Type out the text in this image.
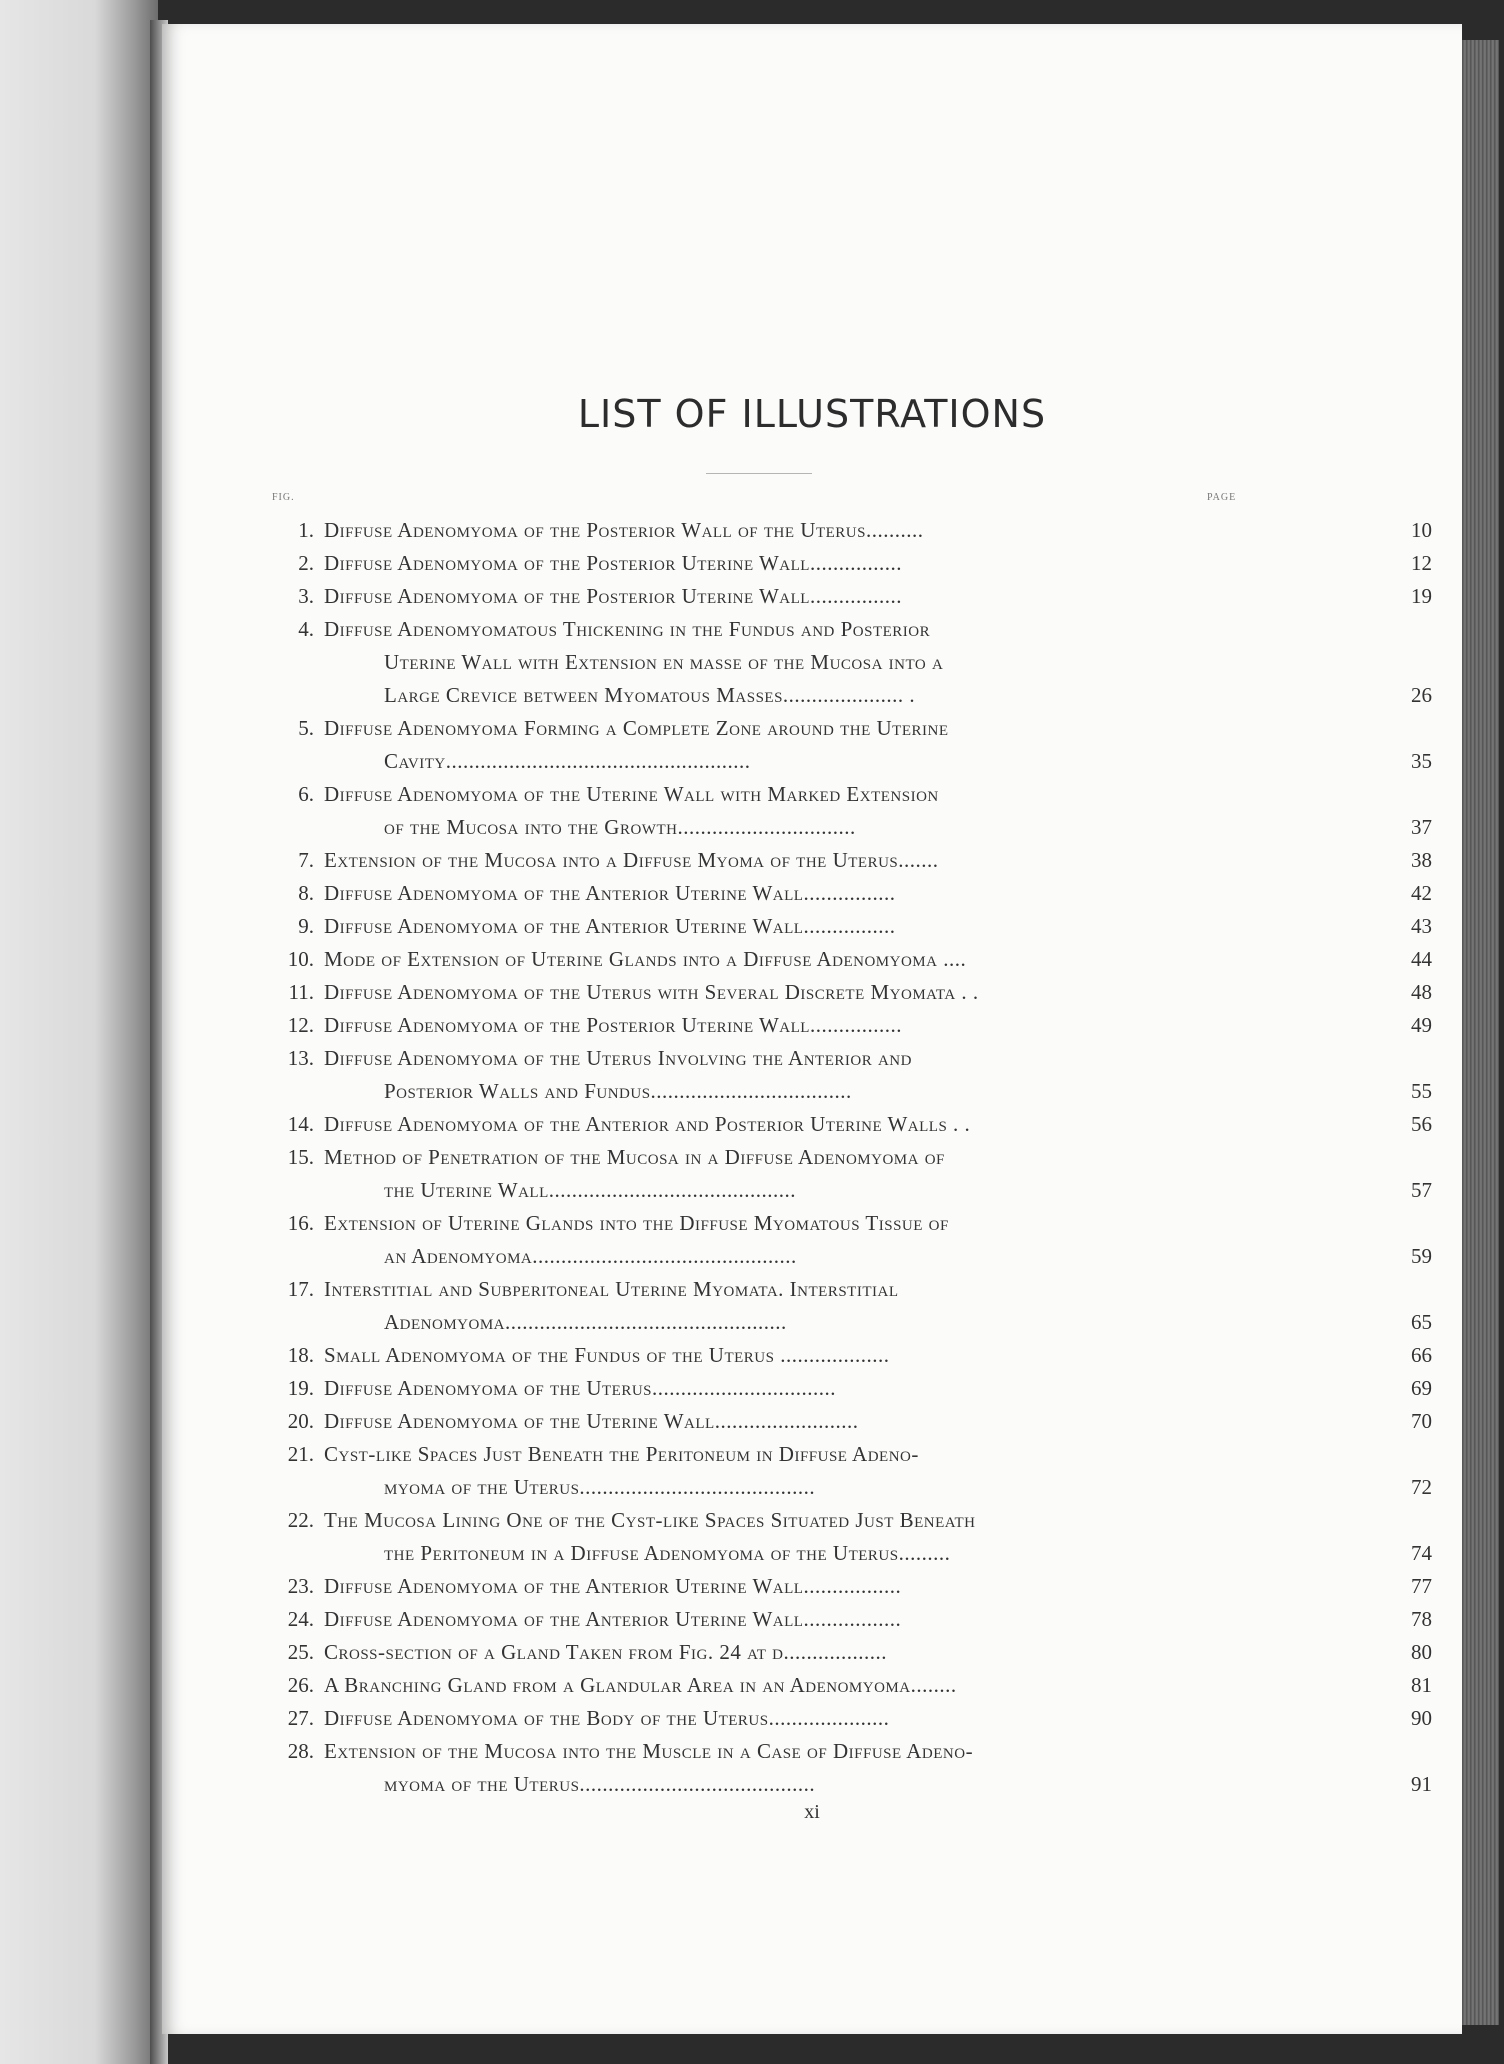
LIST OF ILLUSTRATIONS
FIG.	PAGE
1. Diffuse Adenomyoma of the Posterior Wall of the Uterus..........	10
2. Diffuse Adenomyoma of the Posterior Uterine Wall................	12
3. Diffuse Adenomyoma of the Posterior Uterine Wall................	19
4. Diffuse Adenomyomatous Thickening in the Fundus and Posterior
Uterine Wall with Extension en masse of the Mucosa into a
Large Crevice between Myomatous Masses..................... .	26
5. Diffuse Adenomyoma Forming a Complete Zone around the Uterine
Cavity.....................................................	35
6. Diffuse Adenomyoma of the Uterine Wall with Marked Extension
of the Mucosa into the Growth...............................	37
7. Extension of the Mucosa into a Diffuse Myoma of the Uterus.......	38
8. Diffuse Adenomyoma of the Anterior Uterine Wall................	42
9. Diffuse Adenomyoma of the Anterior Uterine Wall................	43
10. Mode of Extension of Uterine Glands into a Diffuse Adenomyoma ....	44
11. Diffuse Adenomyoma of the Uterus with Several Discrete Myomata . .	48
12. Diffuse Adenomyoma of the Posterior Uterine Wall................	49
13. Diffuse Adenomyoma of the Uterus Involving the Anterior and
Posterior Walls and Fundus...................................	55
14. Diffuse Adenomyoma of the Anterior and Posterior Uterine Walls . .	56
15. Method of Penetration of the Mucosa in a Diffuse Adenomyoma of
the Uterine Wall...........................................	57
16. Extension of Uterine Glands into the Diffuse Myomatous Tissue of
an Adenomyoma..............................................	59
17. Interstitial and Subperitoneal Uterine Myomata. Interstitial
Adenomyoma.................................................	65
18. Small Adenomyoma of the Fundus of the Uterus ...................	66
19. Diffuse Adenomyoma of the Uterus................................	69
20. Diffuse Adenomyoma of the Uterine Wall.........................	70
21. Cyst-like Spaces Just Beneath the Peritoneum in Diffuse Adeno-
myoma of the Uterus.........................................	72
22. The Mucosa Lining One of the Cyst-like Spaces Situated Just Beneath
the Peritoneum in a Diffuse Adenomyoma of the Uterus.........	74
23. Diffuse Adenomyoma of the Anterior Uterine Wall.................	77
24. Diffuse Adenomyoma of the Anterior Uterine Wall.................	78
25. Cross-section of a Gland Taken from Fig. 24 at d..................	80
26. A Branching Gland from a Glandular Area in an Adenomyoma........	81
27. Diffuse Adenomyoma of the Body of the Uterus.....................	90
28. Extension of the Mucosa into the Muscle in a Case of Diffuse Adeno-
myoma of the Uterus.........................................	91
xi
